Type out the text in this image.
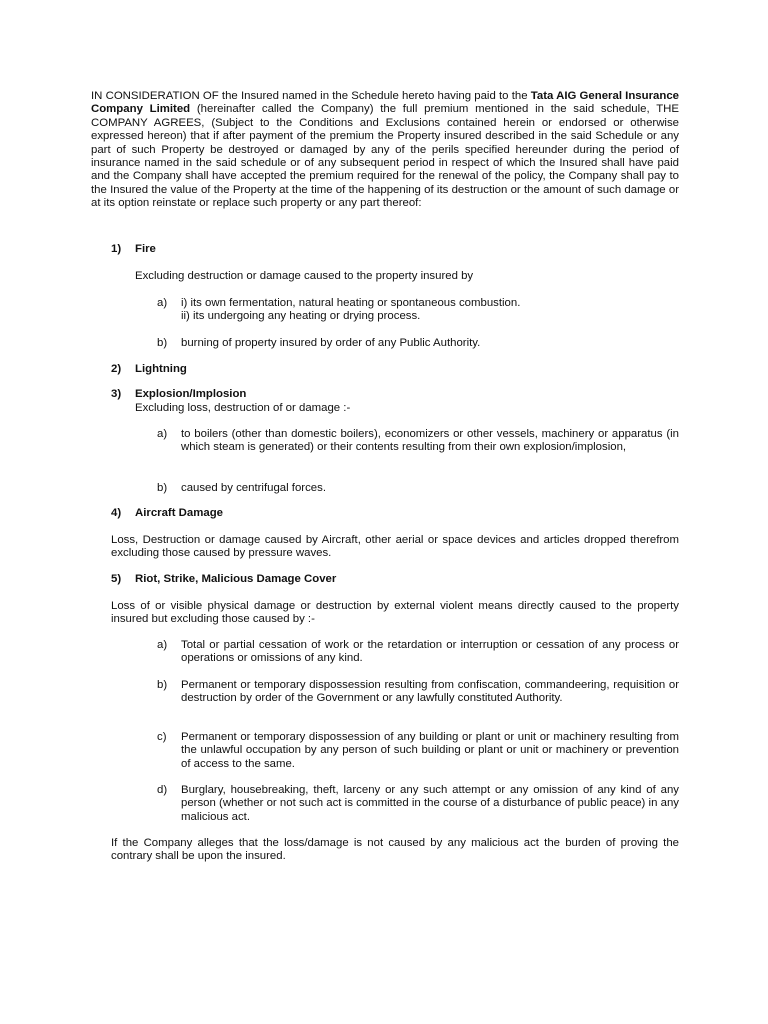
IN CONSIDERATION OF the Insured named in the Schedule hereto having paid to the Tata AIG General Insurance Company Limited (hereinafter called the Company) the full premium mentioned in the said schedule, THE COMPANY AGREES, (Subject to the Conditions and Exclusions contained herein or endorsed or otherwise expressed hereon) that if after payment of the premium the Property insured described in the said Schedule or any part of such Property be destroyed or damaged by any of the perils specified hereunder during the period of insurance named in the said schedule or of any subsequent period in respect of which the Insured shall have paid and the Company shall have accepted the premium required for the renewal of the policy, the Company shall pay to the Insured the value of the Property at the time of the happening of its destruction or the amount of such damage or at its option reinstate or replace such property or any part thereof:

1) Fire

Excluding destruction or damage caused to the property insured by

a)	i) its own fermentation, natural heating or spontaneous combustion.
ii) its undergoing any heating or drying process.
b)	burning of property insured by order of any Public Authority.

2) Lightning

3) Explosion/Implosion

Excluding loss, destruction of or damage :-

a)	to boilers (other than domestic boilers), economizers or other vessels, machinery or apparatus (in which steam is generated) or their contents resulting from their own explosion/implosion,
b)	caused by centrifugal forces.

4) Aircraft Damage

Loss, Destruction or damage caused by Aircraft, other aerial or space devices and articles dropped therefrom excluding those caused by pressure waves.

5) Riot, Strike, Malicious Damage Cover

Loss of or visible physical damage or destruction by external violent means directly caused to the property insured but excluding those caused by :-

a)	Total or partial cessation of work or the retardation or interruption or cessation of any process or operations or omissions of any kind.
b)	Permanent or temporary dispossession resulting from confiscation, commandeering, requisition or destruction by order of the Government or any lawfully constituted Authority.
c)	Permanent or temporary dispossession of any building or plant or unit or machinery resulting from the unlawful occupation by any person of such building or plant or unit or machinery or prevention of access to the same.
d)	Burglary, housebreaking, theft, larceny or any such attempt or any omission of any kind of any person (whether or not such act is committed in the course of a disturbance of public peace) in any malicious act.

If the Company alleges that the loss/damage is not caused by any malicious act the burden of proving the contrary shall be upon the insured.
